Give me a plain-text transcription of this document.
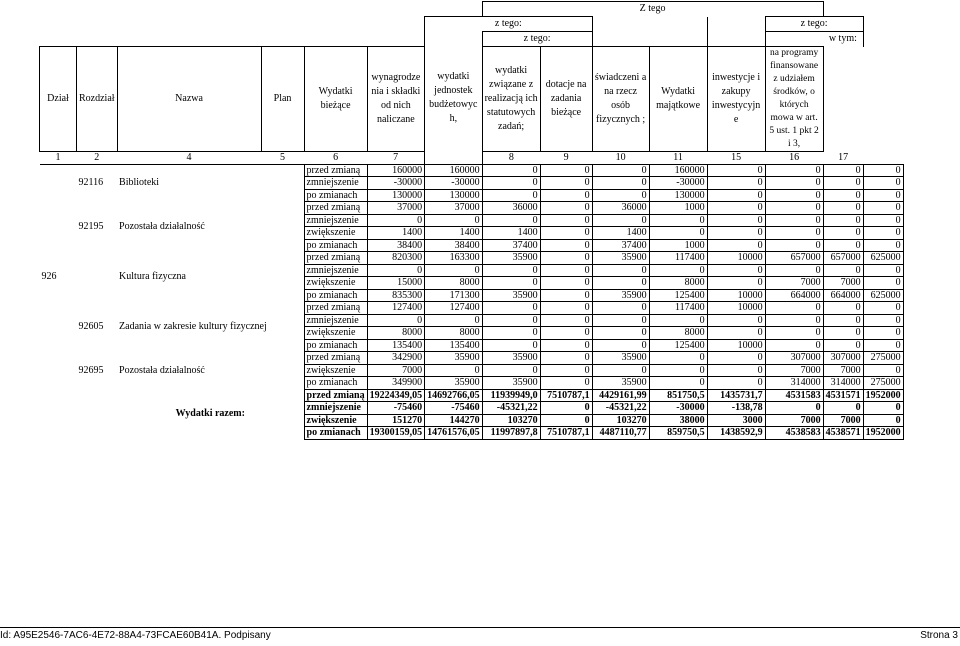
							Z tego							
						z tego:						z tego:		
						wydatki jednostek budżetowyc h,	z tego:						w tym:	
Dział	Rozdział	Nazwa	Plan	Wydatki bieżące	wynagrodze nia i składki od nich naliczane		wydatki związane z realizacją ich statutowych zadań;	dotacje na zadania bieżące	świadczeni a na rzecz osób fizycznych ;	Wydatki majątkowe	inwestycje i zakupy inwestycyjn e	na programy finansowane z udziałem środków, o których mowa w art. 5 ust. 1 pkt 2 i 3,		
1	2	4	5	6	7		8	9	10	11	15	16	17	
	92116	Biblioteki		przed zmianą	160000	160000	0	0	0	160000	0	0	0	0
				zmniejszenie	-30000	-30000	0	0	0	-30000	0	0	0	0
				po zmianach	130000	130000	0	0	0	130000	0	0	0	0
	92195	Pozostała działalność		przed zmianą	37000	37000	36000	0	36000	1000	0	0	0	0
				zmniejszenie	0	0	0	0	0	0	0	0	0	0
				zwiększenie	1400	1400	1400	0	1400	0	0	0	0	0
				po zmianach	38400	38400	37400	0	37400	1000	0	0	0	0
926		Kultura fizyczna		przed zmianą	820300	163300	35900	0	35900	117400	10000	657000	657000	625000
				zmniejszenie	0	0	0	0	0	0	0	0	0	0
				zwiększenie	15000	8000	0	0	0	8000	0	7000	7000	0
				po zmianach	835300	171300	35900	0	35900	125400	10000	664000	664000	625000
	92605	Zadania w zakresie kultury fizycznej		przed zmianą	127400	127400	0	0	0	117400	10000	0	0	0
				zmniejszenie	0	0	0	0	0	0	0	0	0	0
				zwiększenie	8000	8000	0	0	0	8000	0	0	0	0
				po zmianach	135400	135400	0	0	0	125400	10000	0	0	0
	92695	Pozostała działalność		przed zmianą	342900	35900	35900	0	35900	0	0	307000	307000	275000
				zwiększenie	7000	0	0	0	0	0	0	7000	7000	0
				po zmianach	349900	35900	35900	0	35900	0	0	314000	314000	275000
		Wydatki razem:		przed zmianą	19224349,05	14692766,05	11939949,0	7510787,1	4429161,99	851750,5	1435731,7	4531583	4531571	1952000
				zmniejszenie	-75460	-75460	-45321,22	0	-45321,22	-30000	-138,78	0	0	0
				zwiększenie	151270	144270	103270	0	103270	38000	3000	7000	7000	0
				po zmianach	19300159,05	14761576,05	11997897,8	7510787,1	4487110,77	859750,5	1438592,9	4538583	4538571	1952000
Id: A95E2546-7AC6-4E72-88A4-73FCAE60B41A. Podpisany	Strona 3
